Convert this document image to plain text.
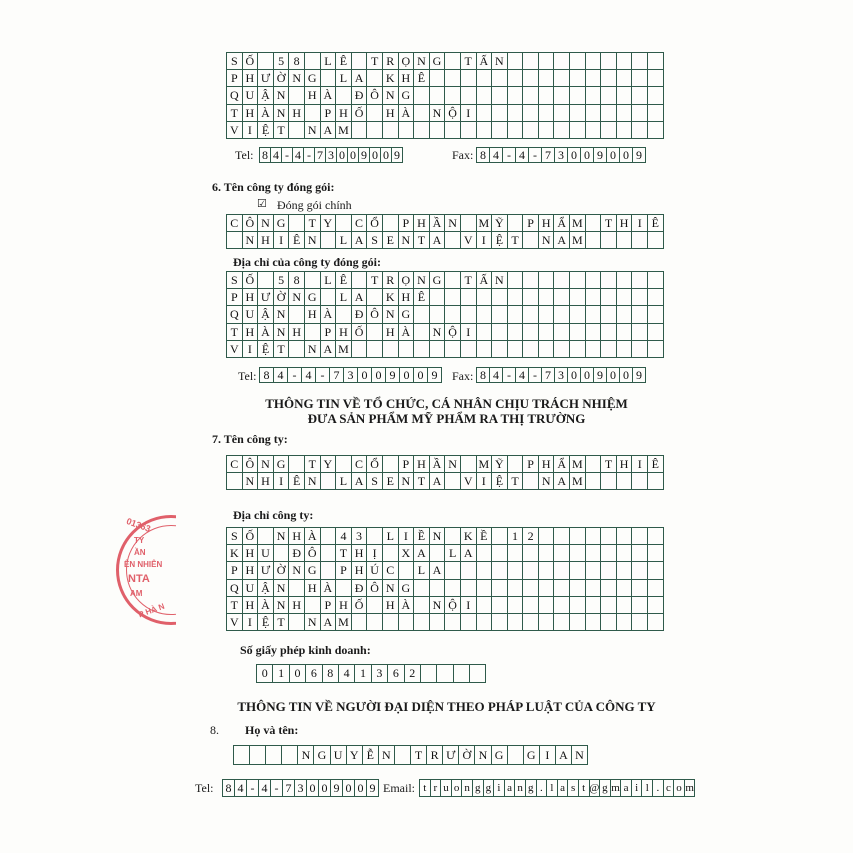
S Ố	5 8	L Ê	T R Ọ N G	T Ấ N
P H Ư Ờ N G	L A	K H Ê
Q U Ậ N	H À	Đ Ô N G
T H À N H	P H Ố	H À	N Ộ I
V I Ệ T	N A M
Tel: 8 4 - 4 - 7 3 0 0 9 0 0 9	Fax: 8 4 - 4 - 7 3 0 0 9 0 0 9
6. Tên công ty đóng gói:
☑ Đóng gói chính
C Ô N G	T Y	C Ổ	P H Ầ N	M Ỹ	P H Ẩ M	T H I Ê
N H I Ê N	L A S E N T A	V I Ệ T	N A M
Địa chỉ của công ty đóng gói:
S Ố	5 8	L Ê	T R Ọ N G	T Ấ N
P H Ư Ờ N G	L A	K H Ê
Q U Ậ N	H À	Đ Ô N G
T H À N H	P H Ố	H À	N Ộ I
V I Ệ T	N A M
Tel: 8 4 - 4 - 7 3 0 0 9 0 0 9	Fax: 8 4 - 4 - 7 3 0 0 9 0 0 9
THÔNG TIN VỀ TỔ CHỨC, CÁ NHÂN CHỊU TRÁCH NHIỆM
ĐƯA SẢN PHẨM MỸ PHẨM RA THỊ TRƯỜNG
7. Tên công ty:
C Ô N G	T Y	C Ổ	P H Ầ N	M Ỹ	P H Ẩ M	T H I Ê
N H I Ê N	L A S E N T A	V I Ệ T	N A M
Địa chỉ công ty:
S Ố	N H À	4 3	L I Ề N	K Ề	1 2
K H U	Đ Ô	T H Ị	X A	L A
P H Ư Ờ N G	P H Ú C	L A
Q U Ậ N	H À	Đ Ô N G
T H À N H	P H Ố	H À	N Ộ I
V I Ệ T	N A M
Số giấy phép kinh doanh:
0 1 0 6 8 4 1 3 6 2
THÔNG TIN VỀ NGƯỜI ĐẠI DIỆN THEO PHÁP LUẬT CỦA CÔNG TY
8. Họ và tên:
N G U Y Ễ N	T R Ư Ờ N G	G I A N
Tel: 8 4 - 4 - 7 3 0 0 9 0 0 9 Email: t r u o n g g i a n g . l a s t @ g m a i l . c o m
01363
TY
ẦN
ÊN NHIÊN
NTA
AM
P HÀ N
